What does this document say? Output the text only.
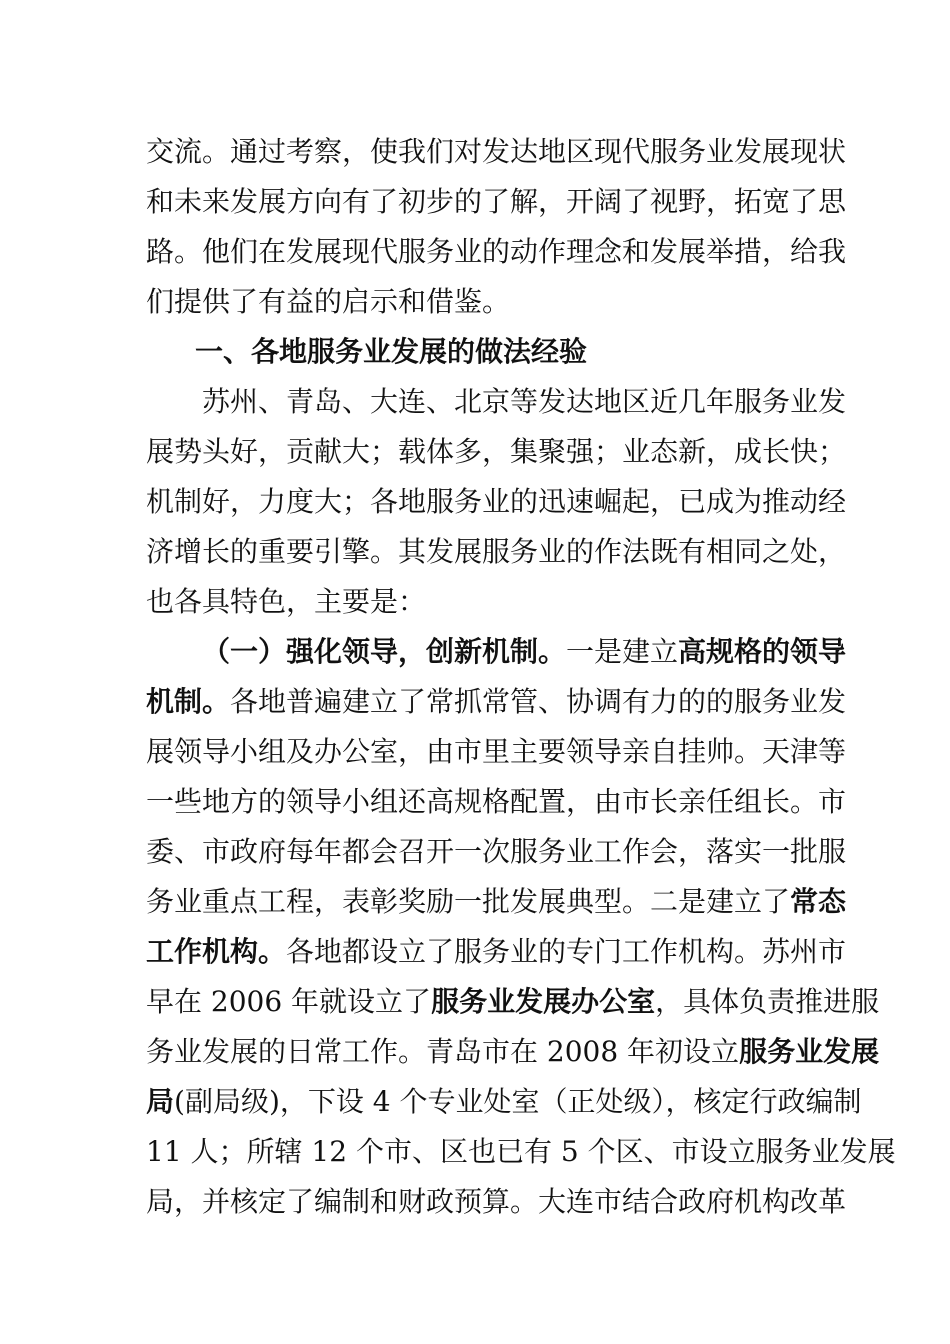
交流。通过考察，使我们对发达地区现代服务业发展现状
和未来发展方向有了初步的了解，开阔了视野，拓宽了思
路。他们在发展现代服务业的动作理念和发展举措，给我
们提供了有益的启示和借鉴。
一、各地服务业发展的做法经验
苏州、青岛、大连、北京等发达地区近几年服务业发
展势头好，贡献大；载体多，集聚强；业态新，成长快；
机制好，力度大；各地服务业的迅速崛起，已成为推动经
济增长的重要引擎。其发展服务业的作法既有相同之处，
也各具特色，主要是：
（一）强化领导，创新机制。一是建立高规格的领导
机制。各地普遍建立了常抓常管、协调有力的的服务业发
展领导小组及办公室，由市里主要领导亲自挂帅。天津等
一些地方的领导小组还高规格配置，由市长亲任组长。市
委、市政府每年都会召开一次服务业工作会，落实一批服
务业重点工程，表彰奖励一批发展典型。二是建立了常态
工作机构。各地都设立了服务业的专门工作机构。苏州市
早在 2006 年就设立了服务业发展办公室，具体负责推进服
务业发展的日常工作。青岛市在 2008 年初设立服务业发展
局(副局级)，下设 4 个专业处室（正处级），核定行政编制
11 人；所辖 12 个市、区也已有 5 个区、市设立服务业发展
局，并核定了编制和财政预算。大连市结合政府机构改革
